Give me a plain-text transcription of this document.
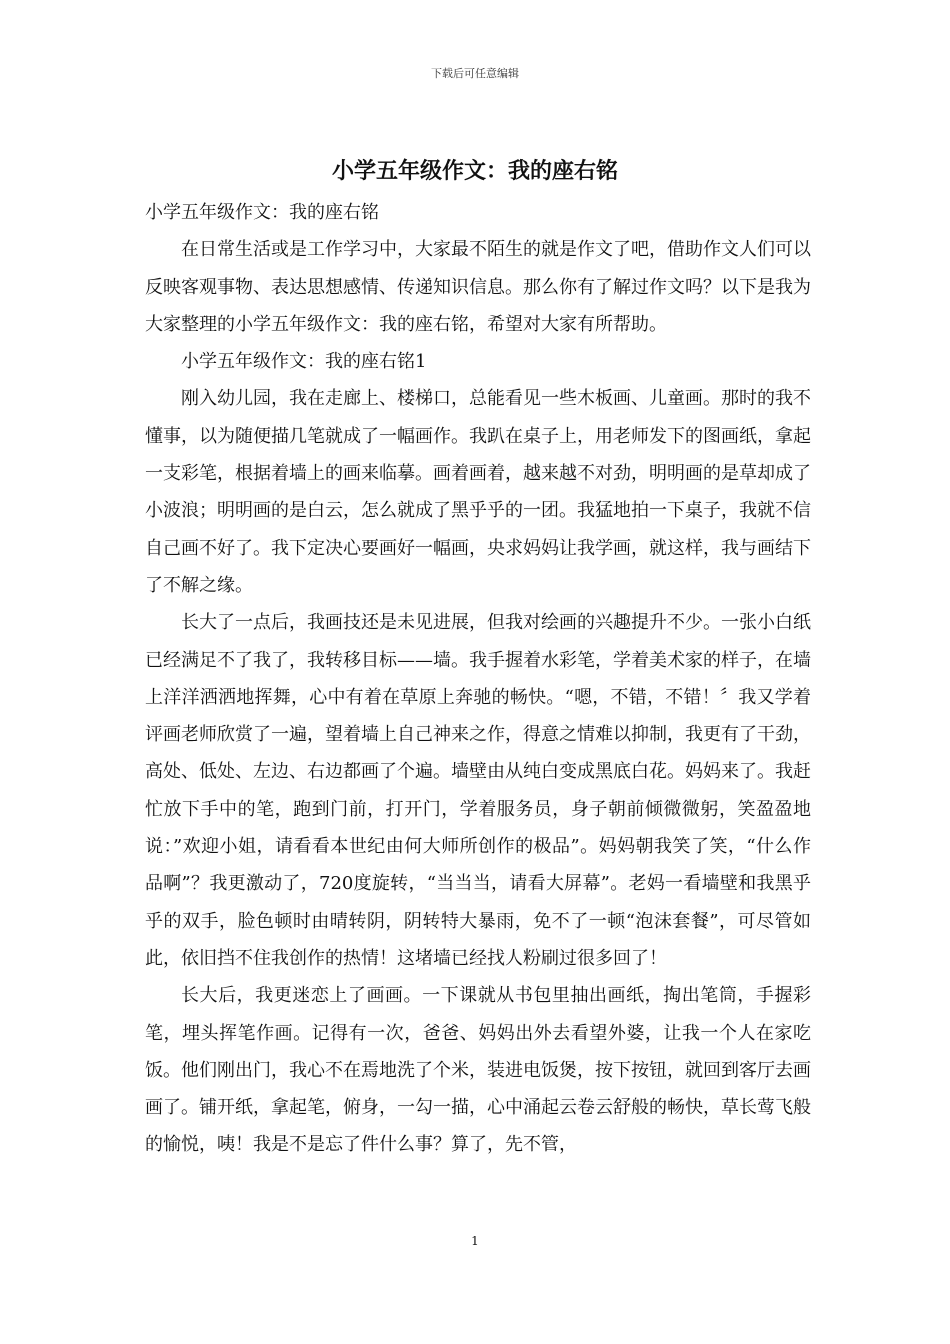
下载后可任意编辑
小学五年级作文：我的座右铭

小学五年级作文：我的座右铭

在日常生活或是工作学习中，大家最不陌生的就是作文了吧，借助作文人们可以反映客观事物、表达思想感情、传递知识信息。那么你有了解过作文吗？以下是我为大家整理的小学五年级作文：我的座右铭，希望对大家有所帮助。

小学五年级作文：我的座右铭1

刚入幼儿园，我在走廊上、楼梯口，总能看见一些木板画、儿童画。那时的我不懂事，以为随便描几笔就成了一幅画作。我趴在桌子上，用老师发下的图画纸，拿起一支彩笔，根据着墙上的画来临摹。画着画着，越来越不对劲，明明画的是草却成了小波浪；明明画的是白云，怎么就成了黑乎乎的一团。我猛地拍一下桌子，我就不信自己画不好了。我下定决心要画好一幅画，央求妈妈让我学画，就这样，我与画结下了不解之缘。

长大了一点后，我画技还是未见进展，但我对绘画的兴趣提升不少。一张小白纸已经满足不了我了，我转移目标——墙。我手握着水彩笔，学着美术家的样子，在墙上洋洋洒洒地挥舞，心中有着在草原上奔驰的畅快。“嗯，不错，不错！〞我又学着评画老师欣赏了一遍，望着墙上自己神来之作，得意之情难以抑制，我更有了干劲，高处、低处、左边、右边都画了个遍。墙壁由从纯白变成黑底白花。妈妈来了。我赶忙放下手中的笔，跑到门前，打开门，学着服务员，身子朝前倾微微躬，笑盈盈地说：”欢迎小姐，请看看本世纪由何大师所创作的极品”。妈妈朝我笑了笑，“什么作品啊”？我更激动了，720度旋转，“当当当，请看大屏幕”。老妈一看墙壁和我黑乎乎的双手，脸色顿时由晴转阴，阴转特大暴雨，免不了一顿“泡沫套餐”，可尽管如此，依旧挡不住我创作的热情！这堵墙已经找人粉刷过很多回了！

长大后，我更迷恋上了画画。一下课就从书包里抽出画纸，掏出笔筒，手握彩笔，埋头挥笔作画。记得有一次，爸爸、妈妈出外去看望外婆，让我一个人在家吃饭。他们刚出门，我心不在焉地洗了个米，装进电饭煲，按下按钮，就回到客厅去画画了。铺开纸，拿起笔，俯身，一勾一描，心中涌起云卷云舒般的畅快，草长莺飞般的愉悦，咦！我是不是忘了件什么事？算了，先不管，

1
